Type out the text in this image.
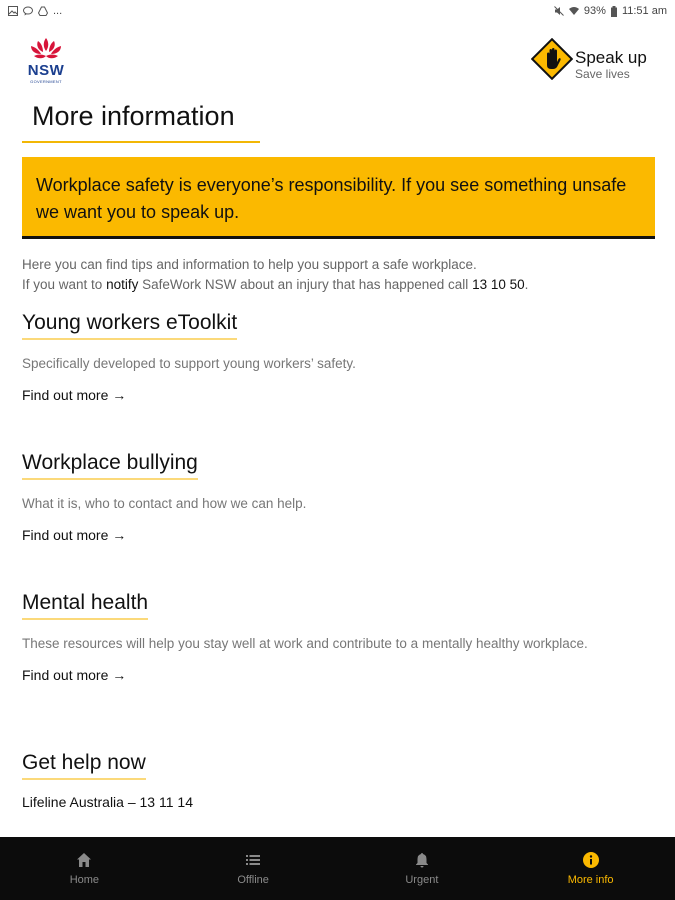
...	93% 11:51 am
NSW
GOVERNMENT
Speak up
Save lives
More information
Workplace safety is everyone’s responsibility. If you see something unsafe we want you to speak up.
Here you can find tips and information to help you support a safe workplace.
If you want to notify SafeWork NSW about an injury that has happened call 13 10 50.
Young workers eToolkit
Specifically developed to support young workers’ safety.
Find out more →
Workplace bullying
What it is, who to contact and how we can help.
Find out more →
Mental health
These resources will help you stay well at work and contribute to a mentally healthy workplace.
Find out more →
Get help now
Lifeline Australia – 13 11 14
Home	Offline	Urgent	More info
